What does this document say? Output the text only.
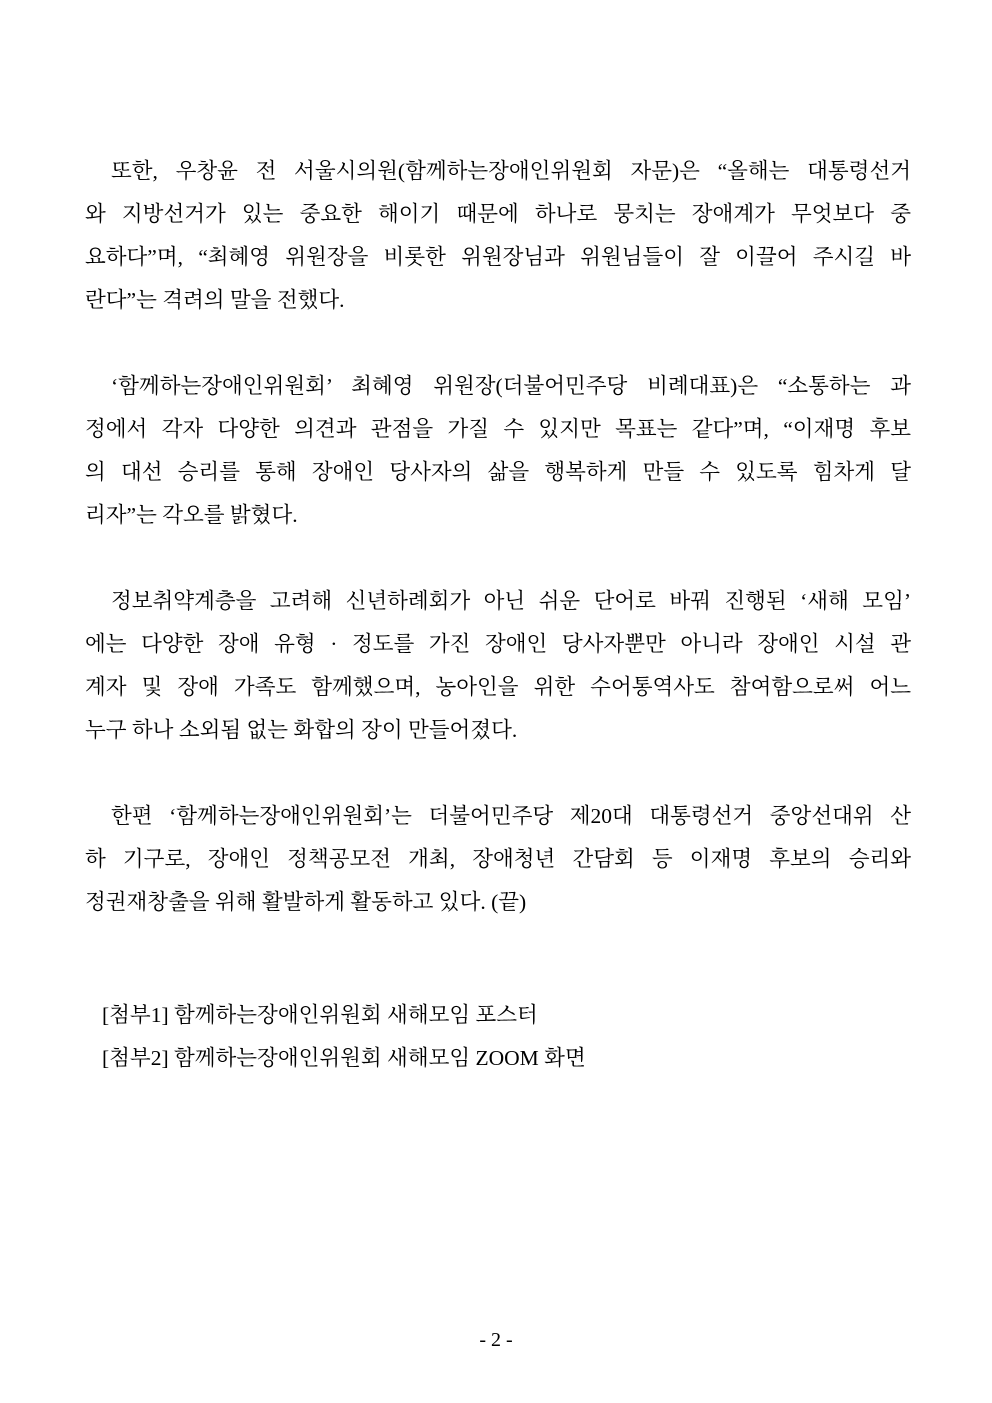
또한, 우창윤 전 서울시의원(함께하는장애인위원회 자문)은 “올해는 대통령선거
와 지방선거가 있는 중요한 해이기 때문에 하나로 뭉치는 장애계가 무엇보다 중
요하다”며, “최혜영 위원장을 비롯한 위원장님과 위원님들이 잘 이끌어 주시길 바
란다”는 격려의 말을 전했다.
‘함께하는장애인위원회’ 최혜영 위원장(더불어민주당 비례대표)은 “소통하는 과
정에서 각자 다양한 의견과 관점을 가질 수 있지만 목표는 같다”며, “이재명 후보
의 대선 승리를 통해 장애인 당사자의 삶을 행복하게 만들 수 있도록 힘차게 달
리자”는 각오를 밝혔다.
정보취약계층을 고려해 신년하례회가 아닌 쉬운 단어로 바꿔 진행된 ‘새해 모임’
에는 다양한 장애 유형 · 정도를 가진 장애인 당사자뿐만 아니라 장애인 시설 관
계자 및 장애 가족도 함께했으며, 농아인을 위한 수어통역사도 참여함으로써 어느
누구 하나 소외됨 없는 화합의 장이 만들어졌다.
한편 ‘함께하는장애인위원회’는 더불어민주당 제20대 대통령선거 중앙선대위 산
하 기구로, 장애인 정책공모전 개최, 장애청년 간담회 등 이재명 후보의 승리와
정권재창출을 위해 활발하게 활동하고 있다. (끝)
[첨부1] 함께하는장애인위원회 새해모임 포스터
[첨부2] 함께하는장애인위원회 새해모임 ZOOM 화면
- 2 -
